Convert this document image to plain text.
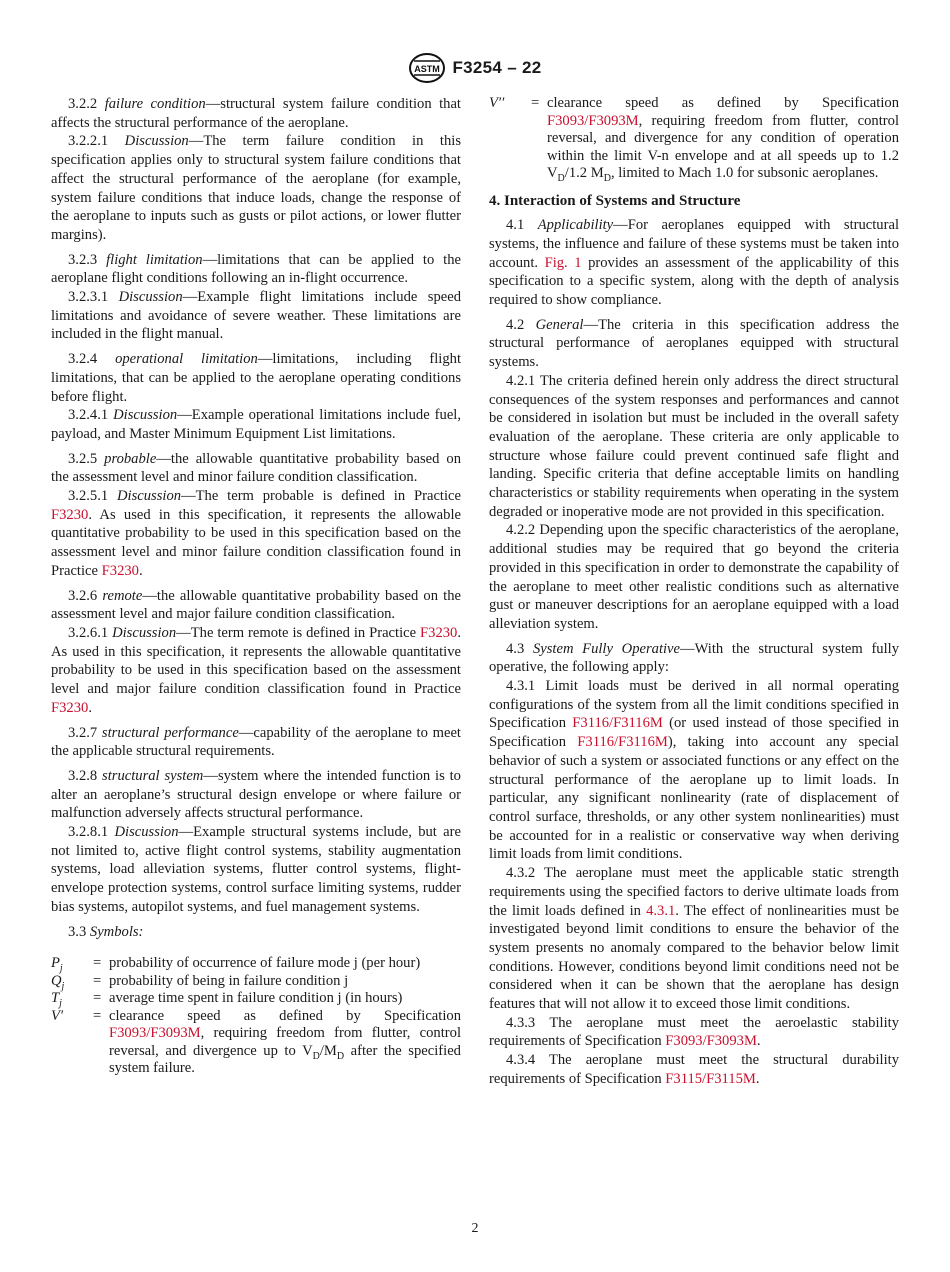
ASTM F3254 – 22

3.2.2 failure condition—structural system failure condition that affects the structural performance of the aeroplane.

3.2.2.1 Discussion—The term failure condition in this specification applies only to structural system failure conditions that affect the structural performance of the aeroplane (for example, system failure conditions that induce loads, change the response of the aeroplane to inputs such as gusts or pilot actions, or lower flutter margins).

3.2.3 flight limitation—limitations that can be applied to the aeroplane flight conditions following an in-flight occurrence.

3.2.3.1 Discussion—Example flight limitations include speed limitations and avoidance of severe weather. These limitations are included in the flight manual.

3.2.4 operational limitation—limitations, including flight limitations, that can be applied to the aeroplane operating conditions before flight.

3.2.4.1 Discussion—Example operational limitations include fuel, payload, and Master Minimum Equipment List limitations.

3.2.5 probable—the allowable quantitative probability based on the assessment level and minor failure condition classification.

3.2.5.1 Discussion—The term probable is defined in Practice F3230. As used in this specification, it represents the allowable quantitative probability to be used in this specification based on the assessment level and minor failure condition classification found in Practice F3230.

3.2.6 remote—the allowable quantitative probability based on the assessment level and major failure condition classification.

3.2.6.1 Discussion—The term remote is defined in Practice F3230. As used in this specification, it represents the allowable quantitative probability to be used in this specification based on the assessment level and major failure condition classification found in Practice F3230.

3.2.7 structural performance—capability of the aeroplane to meet the applicable structural requirements.

3.2.8 structural system—system where the intended function is to alter an aeroplane’s structural design envelope or where failure or malfunction adversely affects structural performance.

3.2.8.1 Discussion—Example structural systems include, but are not limited to, active flight control systems, stability augmentation systems, load alleviation systems, flutter control systems, flight-envelope protection systems, control surface limiting systems, rudder bias systems, autopilot systems, and fuel management systems.

3.3 Symbols:

$P_j$	= probability of occurrence of failure mode j (per hour)
$Q_j$	= probability of being in failure condition j
$T_j$	= average time spent in failure condition j (in hours)
V′	= clearance speed as defined by Specification F3093/F3093M, requiring freedom from flutter, control reversal, and divergence up to $V_D/M_D$ after the specified system failure.
V′′	= clearance speed as defined by Specification F3093/F3093M, requiring freedom from flutter, control reversal, and divergence for any condition of operation within the limit V-n envelope and at all speeds up to 1.2 $V_D/1.2$ $M_D$, limited to Mach 1.0 for subsonic aeroplanes.
4. Interaction of Systems and Structure

4.1 Applicability—For aeroplanes equipped with structural systems, the influence and failure of these systems must be taken into account. Fig. 1 provides an assessment of the applicability of this specification to a specific system, along with the depth of analysis required to show compliance.

4.2 General—The criteria in this specification address the structural performance of aeroplanes equipped with structural systems.

4.2.1 The criteria defined herein only address the direct structural consequences of the system responses and performances and cannot be considered in isolation but must be included in the overall safety evaluation of the aeroplane. These criteria are only applicable to structure whose failure could prevent continued safe flight and landing. Specific criteria that define acceptable limits on handling characteristics or stability requirements when operating in the system degraded or inoperative mode are not provided in this specification.

4.2.2 Depending upon the specific characteristics of the aeroplane, additional studies may be required that go beyond the criteria provided in this specification in order to demonstrate the capability of the aeroplane to meet other realistic conditions such as alternative gust or maneuver descriptions for an aeroplane equipped with a load alleviation system.

4.3 System Fully Operative—With the structural system fully operative, the following apply:

4.3.1 Limit loads must be derived in all normal operating configurations of the system from all the limit conditions specified in Specification F3116/F3116M (or used instead of those specified in Specification F3116/F3116M), taking into account any special behavior of such a system or associated functions or any effect on the structural performance of the aeroplane up to limit loads. In particular, any significant nonlinearity (rate of displacement of control surface, thresholds, or any other system nonlinearities) must be accounted for in a realistic or conservative way when deriving limit loads from limit conditions.

4.3.2 The aeroplane must meet the applicable static strength requirements using the specified factors to derive ultimate loads from the limit loads defined in 4.3.1. The effect of nonlinearities must be investigated beyond limit conditions to ensure the behavior of the system presents no anomaly compared to the behavior below limit conditions. However, conditions beyond limit conditions need not be considered when it can be shown that the aeroplane has design features that will not allow it to exceed those limit conditions.

4.3.3 The aeroplane must meet the aeroelastic stability requirements of Specification F3093/F3093M.

4.3.4 The aeroplane must meet the structural durability requirements of Specification F3115/F3115M.

2
